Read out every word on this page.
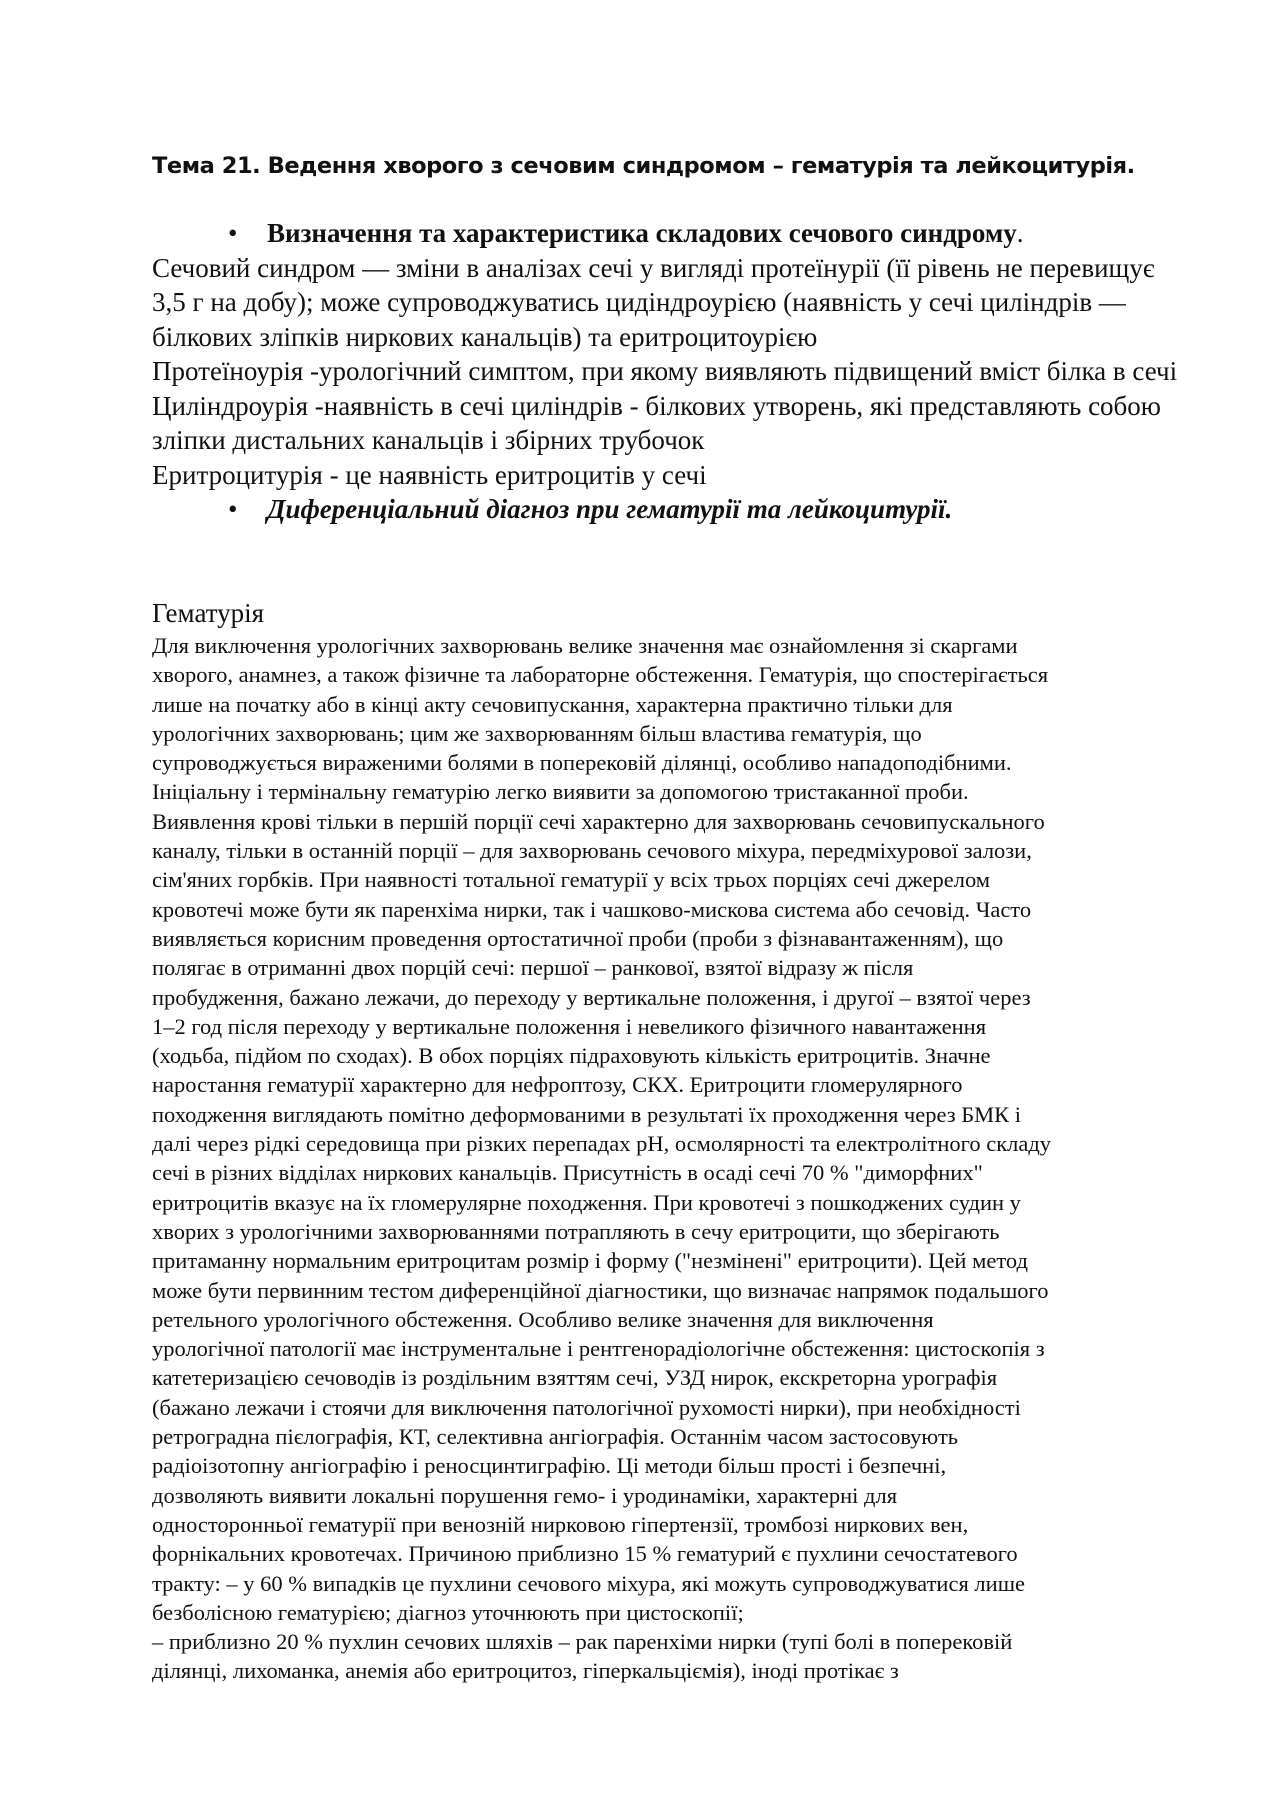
Тема 21. Ведення хворого з сечовим синдромом – гематурія та лейкоцитурія.
• Визначення та характеристика складових сечового синдрому.

Сечовий синдром — зміни в аналізах сечі у вигляді протеїнурії (її рівень не перевищує 3,5 г на добу); може супроводжуватись цидіндроурією (наявність у сечі циліндрів — білкових зліпків ниркових канальців) та еритроцитоурією

Протеїноурія -урологічний симптом, при якому виявляють підвищений вміст білка в сечі

Циліндроурія -наявність в сечі циліндрів - білкових утворень, які представляють собою зліпки дистальних канальців і збірних трубочок

Еритроцитурія - це наявність еритроцитів у сечі

• Диференціальний діагноз при гематурії та лейкоцитурії.
Гематурія
Для виключення урологічних захворювань велике значення має ознайомлення зі скаргами
хворого, анамнез, а також фізичне та лабораторне обстеження. Гематурія, що спостерігається
лише на початку або в кінці акту сечовипускання, характерна практично тільки для
урологічних захворювань; цим же захворюванням більш властива гематурія, що
супроводжується вираженими болями в поперековій ділянці, особливо нападоподібними.
Ініціальну і термінальну гематурію легко виявити за допомогою тристаканної проби.
Виявлення крові тільки в першій порції сечі характерно для захворювань сечовипускального
каналу, тільки в останній порції – для захворювань сечового міхура, передміхурової залози,
сім'яних горбків. При наявності тотальної гематурії у всіх трьох порціях сечі джерелом
кровотечі може бути як паренхіма нирки, так і чашково-мискова система або сечовід. Часто
виявляється корисним проведення ортостатичної проби (проби з фізнавантаженням), що
полягає в отриманні двох порцій сечі: першої – ранкової, взятої відразу ж після
пробудження, бажано лежачи, до переходу у вертикальне положення, і другої – взятої через
1–2 год після переходу у вертикальне положення і невеликого фізичного навантаження
(ходьба, підйом по сходах). В обох порціях підраховують кількість еритроцитів. Значне
наростання гематурії характерно для нефроптозу, СКХ. Еритроцити гломерулярного
походження виглядають помітно деформованими в результаті їх проходження через БМК і
далі через рідкі середовища при різких перепадах pH, осмолярності та електролітного складу
сечі в різних відділах ниркових канальців. Присутність в осаді сечі 70 % "диморфних"
еритроцитів вказує на їх гломерулярне походження. При кровотечі з пошкоджених судин у
хворих з урологічними захворюваннями потрапляють в сечу еритроцити, що зберігають
притаманну нормальним еритроцитам розмір і форму ("незмінені" еритроцити). Цей метод
може бути первинним тестом диференційної діагностики, що визначає напрямок подальшого
ретельного урологічного обстеження. Особливо велике значення для виключення
урологічної патології має інструментальне і рентгенорадіологічне обстеження: цистоскопія з
катетеризацією сечоводів із роздільним взяттям сечі, УЗД нирок, екскреторна урографія
(бажано лежачи і стоячи для виключення патологічної рухомості нирки), при необхідності
ретроградна пієлографія, КТ, селективна ангіографія. Останнім часом застосовують
радіоізотопну ангіографію і реносцинтиграфію. Ці методи більш прості і безпечні,
дозволяють виявити локальні порушення гемо- і уродинаміки, характерні для
односторонньої гематурії при венозній нирковою гіпертензії, тромбозі ниркових вен,
форнікальних кровотечах. Причиною приблизно 15 % гематурий є пухлини сечостатевого
тракту: – у 60 % випадків це пухлини сечового міхура, які можуть супроводжуватися лише
безболісною гематурією; діагноз уточнюють при цистоскопії;
– приблизно 20 % пухлин сечових шляхів – рак паренхіми нирки (тупі болі в поперековій
ділянці, лихоманка, анемія або еритроцитоз, гіперкальціємія), іноді протікає з
